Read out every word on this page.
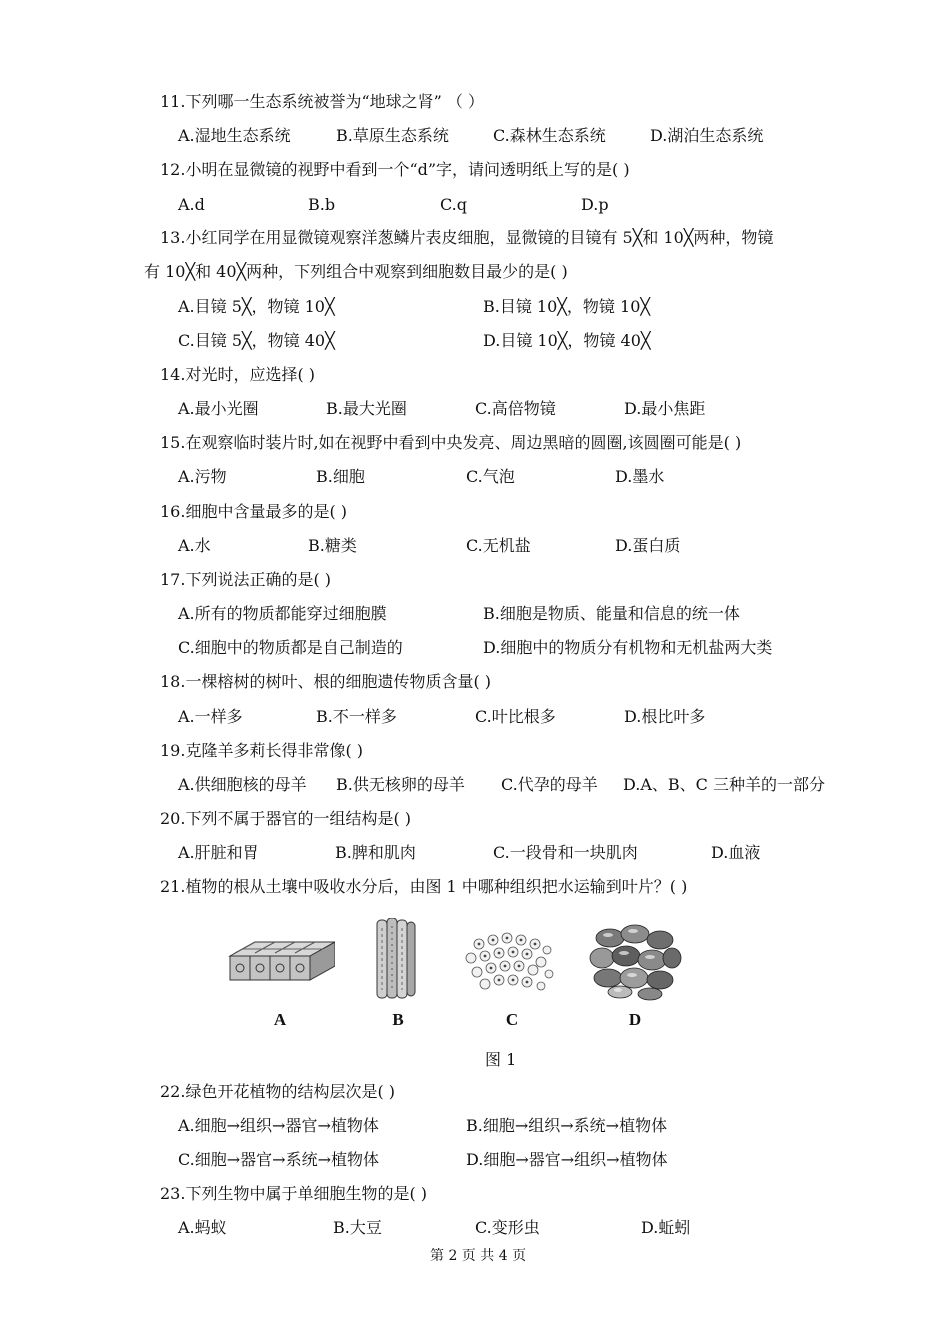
11.下列哪一生态系统被誉为“地球之肾” （ ）
A.湿地生态系统	B.草原生态系统	C.森林生态系统	D.湖泊生态系统
12.小明在显微镜的视野中看到一个“d”字，请问透明纸上写的是( )
A.d	B.b	C.q	D.p
13.小红同学在用显微镜观察洋葱鳞片表皮细胞，显微镜的目镜有 5╳和 10╳两种，物镜
有 10╳和 40╳两种，下列组合中观察到细胞数目最少的是( )
A.目镜 5╳，物镜 10╳	B.目镜 10╳，物镜 10╳
C.目镜 5╳，物镜 40╳	D.目镜 10╳，物镜 40╳
14.对光时，应选择( )
A.最小光圈	B.最大光圈	C.高倍物镜	D.最小焦距
15.在观察临时装片时,如在视野中看到中央发亮、周边黑暗的圆圈,该圆圈可能是( )
A.污物	B.细胞	C.气泡	D.墨水
16.细胞中含量最多的是( )
A.水	B.糖类	C.无机盐	D.蛋白质
17.下列说法正确的是( )
A.所有的物质都能穿过细胞膜	B.细胞是物质、能量和信息的统一体
C.细胞中的物质都是自己制造的	D.细胞中的物质分有机物和无机盐两大类
18.一棵榕树的树叶、根的细胞遗传物质含量( )
A.一样多	B.不一样多	C.叶比根多	D.根比叶多
19.克隆羊多莉长得非常像( )
A.供细胞核的母羊 B.供无核卵的母羊 C.代孕的母羊 D.A、B、C 三种羊的一部分
20.下列不属于器官的一组结构是( )
A.肝脏和胃	B.脾和肌肉	C.一段骨和一块肌肉	D.血液
21.植物的根从土壤中吸收水分后，由图 1 中哪种组织把水运输到叶片？( )
A	B	C	D
图 1
22.绿色开花植物的结构层次是( )
A.细胞→组织→器官→植物体	B.细胞→组织→系统→植物体
C.细胞→器官→系统→植物体	D.细胞→器官→组织→植物体
23.下列生物中属于单细胞生物的是( )
A.蚂蚁	B.大豆	C.变形虫	D.蚯蚓
第 2 页 共 4 页
